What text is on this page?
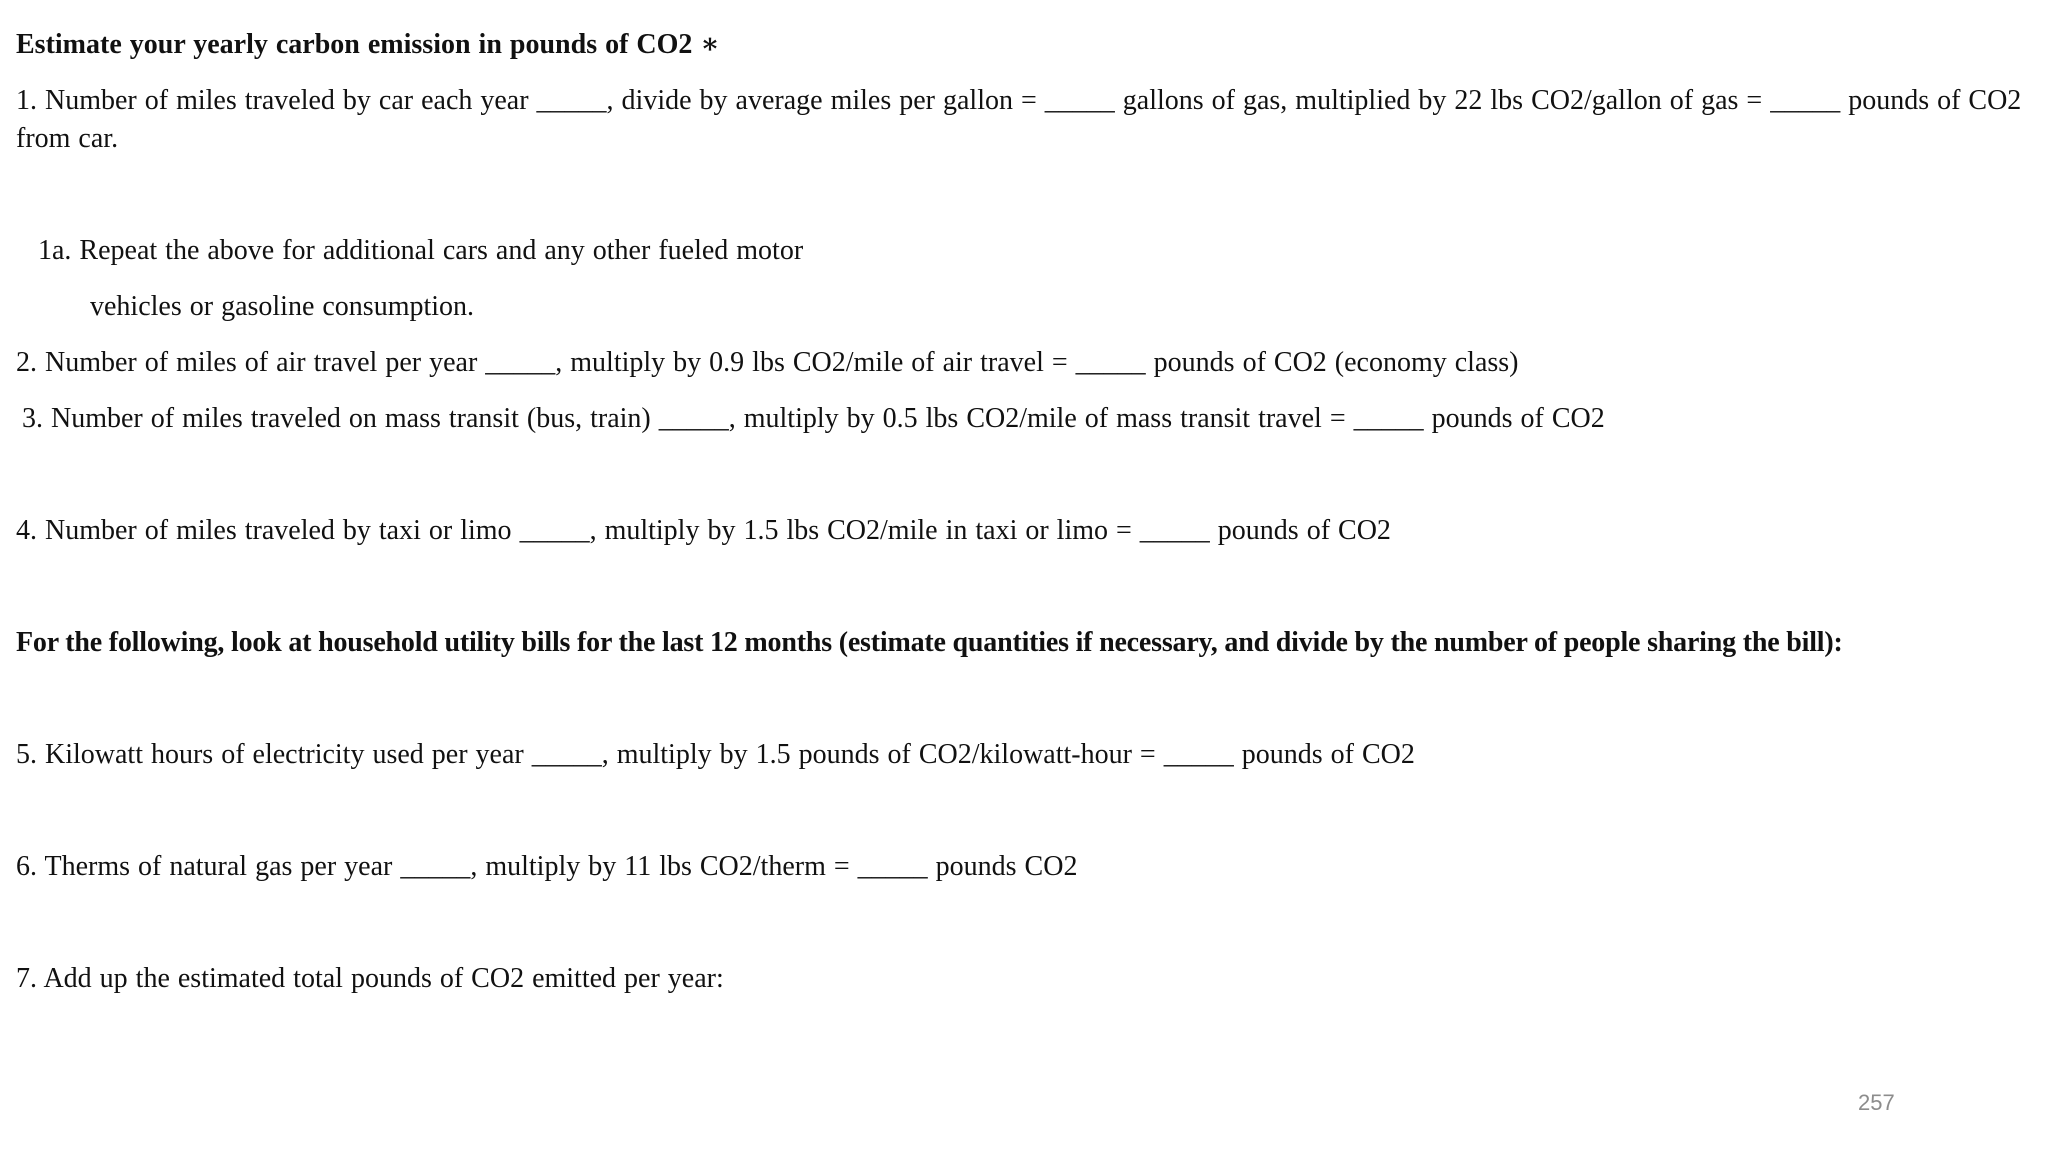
Estimate your yearly carbon emission in pounds of CO2 ∗
1. Number of miles traveled by car each year _____, divide by average miles per gallon = _____ gallons of gas, multiplied by 22 lbs CO2/gallon of gas = _____ pounds of CO2 from car.
1a. Repeat the above for additional cars and any other fueled motor
vehicles or gasoline consumption.
2. Number of miles of air travel per year _____, multiply by 0.9 lbs CO2/mile of air travel = _____ pounds of CO2 (economy class)
3. Number of miles traveled on mass transit (bus, train) _____, multiply by 0.5 lbs CO2/mile of mass transit travel = _____ pounds of CO2
4. Number of miles traveled by taxi or limo _____, multiply by 1.5 lbs CO2/mile in taxi or limo = _____ pounds of CO2
For the following, look at household utility bills for the last 12 months (estimate quantities if necessary, and divide by the number of people sharing the bill):
5. Kilowatt hours of electricity used per year _____, multiply by 1.5 pounds of CO2/kilowatt-hour = _____ pounds of CO2
6. Therms of natural gas per year _____, multiply by 11 lbs CO2/therm = _____ pounds CO2
7. Add up the estimated total pounds of CO2 emitted per year:
257
